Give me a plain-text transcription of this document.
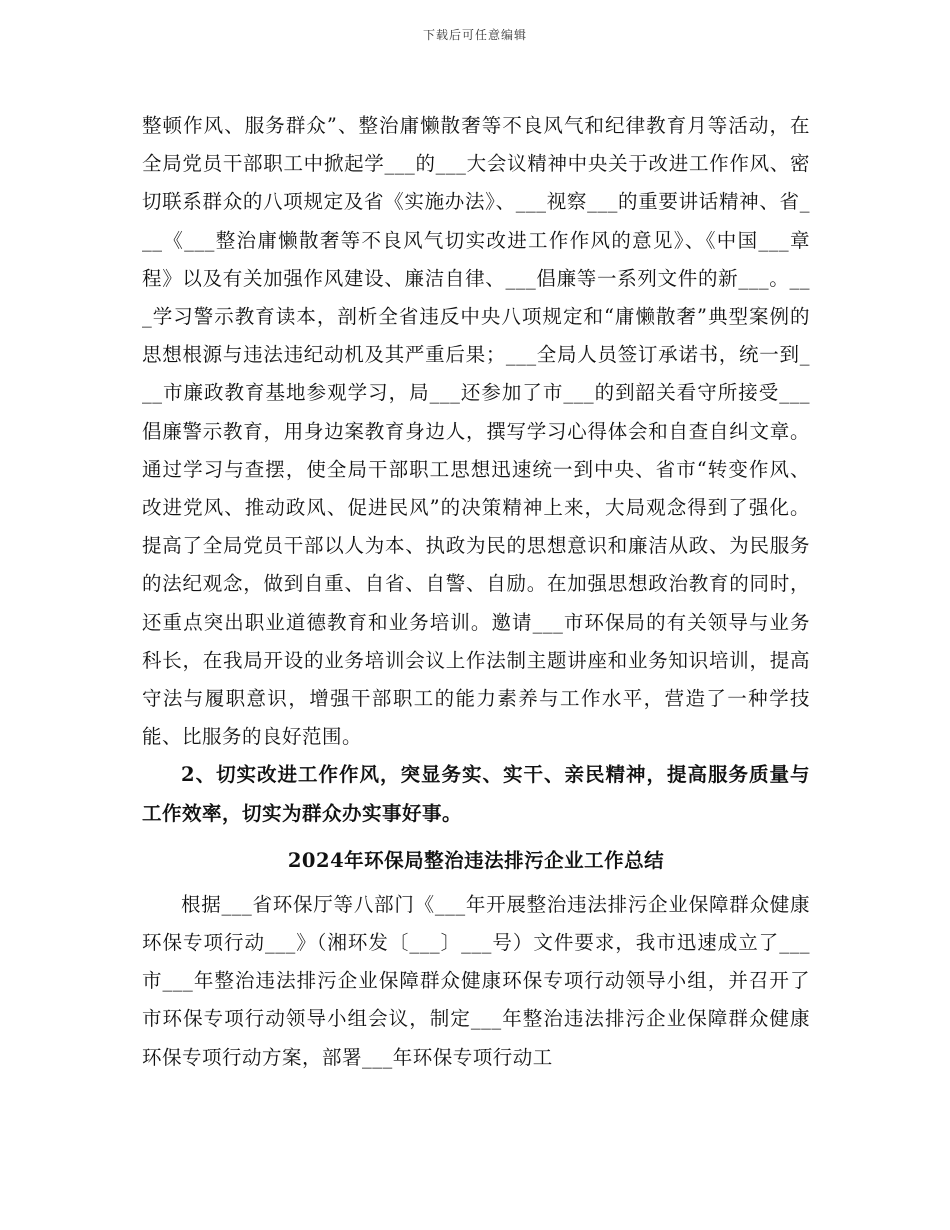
下载后可任意编辑

整顿作风、服务群众”、整治庸懒散奢等不良风气和纪律教育月等活动，在全局党员干部职工中掀起学___的___大会议精神中央关于改进工作作风、密切联系群众的八项规定及省《实施办法》、___视察___的重要讲话精神、省___《___整治庸懒散奢等不良风气切实改进工作作风的意见》、《中国___章程》以及有关加强作风建设、廉洁自律、___倡廉等一系列文件的新___。___学习警示教育读本，剖析全省违反中央八项规定和“庸懒散奢”典型案例的思想根源与违法违纪动机及其严重后果；___全局人员签订承诺书，统一到___市廉政教育基地参观学习，局___还参加了市___的到韶关看守所接受___倡廉警示教育，用身边案教育身边人，撰写学习心得体会和自查自纠文章。通过学习与查摆，使全局干部职工思想迅速统一到中央、省市“转变作风、改进党风、推动政风、促进民风”的决策精神上来，大局观念得到了强化。提高了全局党员干部以人为本、执政为民的思想意识和廉洁从政、为民服务的法纪观念，做到自重、自省、自警、自励。在加强思想政治教育的同时，还重点突出职业道德教育和业务培训。邀请___市环保局的有关领导与业务科长，在我局开设的业务培训会议上作法制主题讲座和业务知识培训，提高守法与履职意识，增强干部职工的能力素养与工作水平，营造了一种学技能、比服务的良好范围。

2、切实改进工作作风，突显务实、实干、亲民精神，提高服务质量与工作效率，切实为群众办实事好事。

2024年环保局整治违法排污企业工作总结

根据___省环保厅等八部门《___年开展整治违法排污企业保障群众健康环保专项行动___》（湘环发〔___〕___号）文件要求，我市迅速成立了___市___年整治违法排污企业保障群众健康环保专项行动领导小组，并召开了市环保专项行动领导小组会议，制定___年整治违法排污企业保障群众健康环保专项行动方案，部署___年环保专项行动工
